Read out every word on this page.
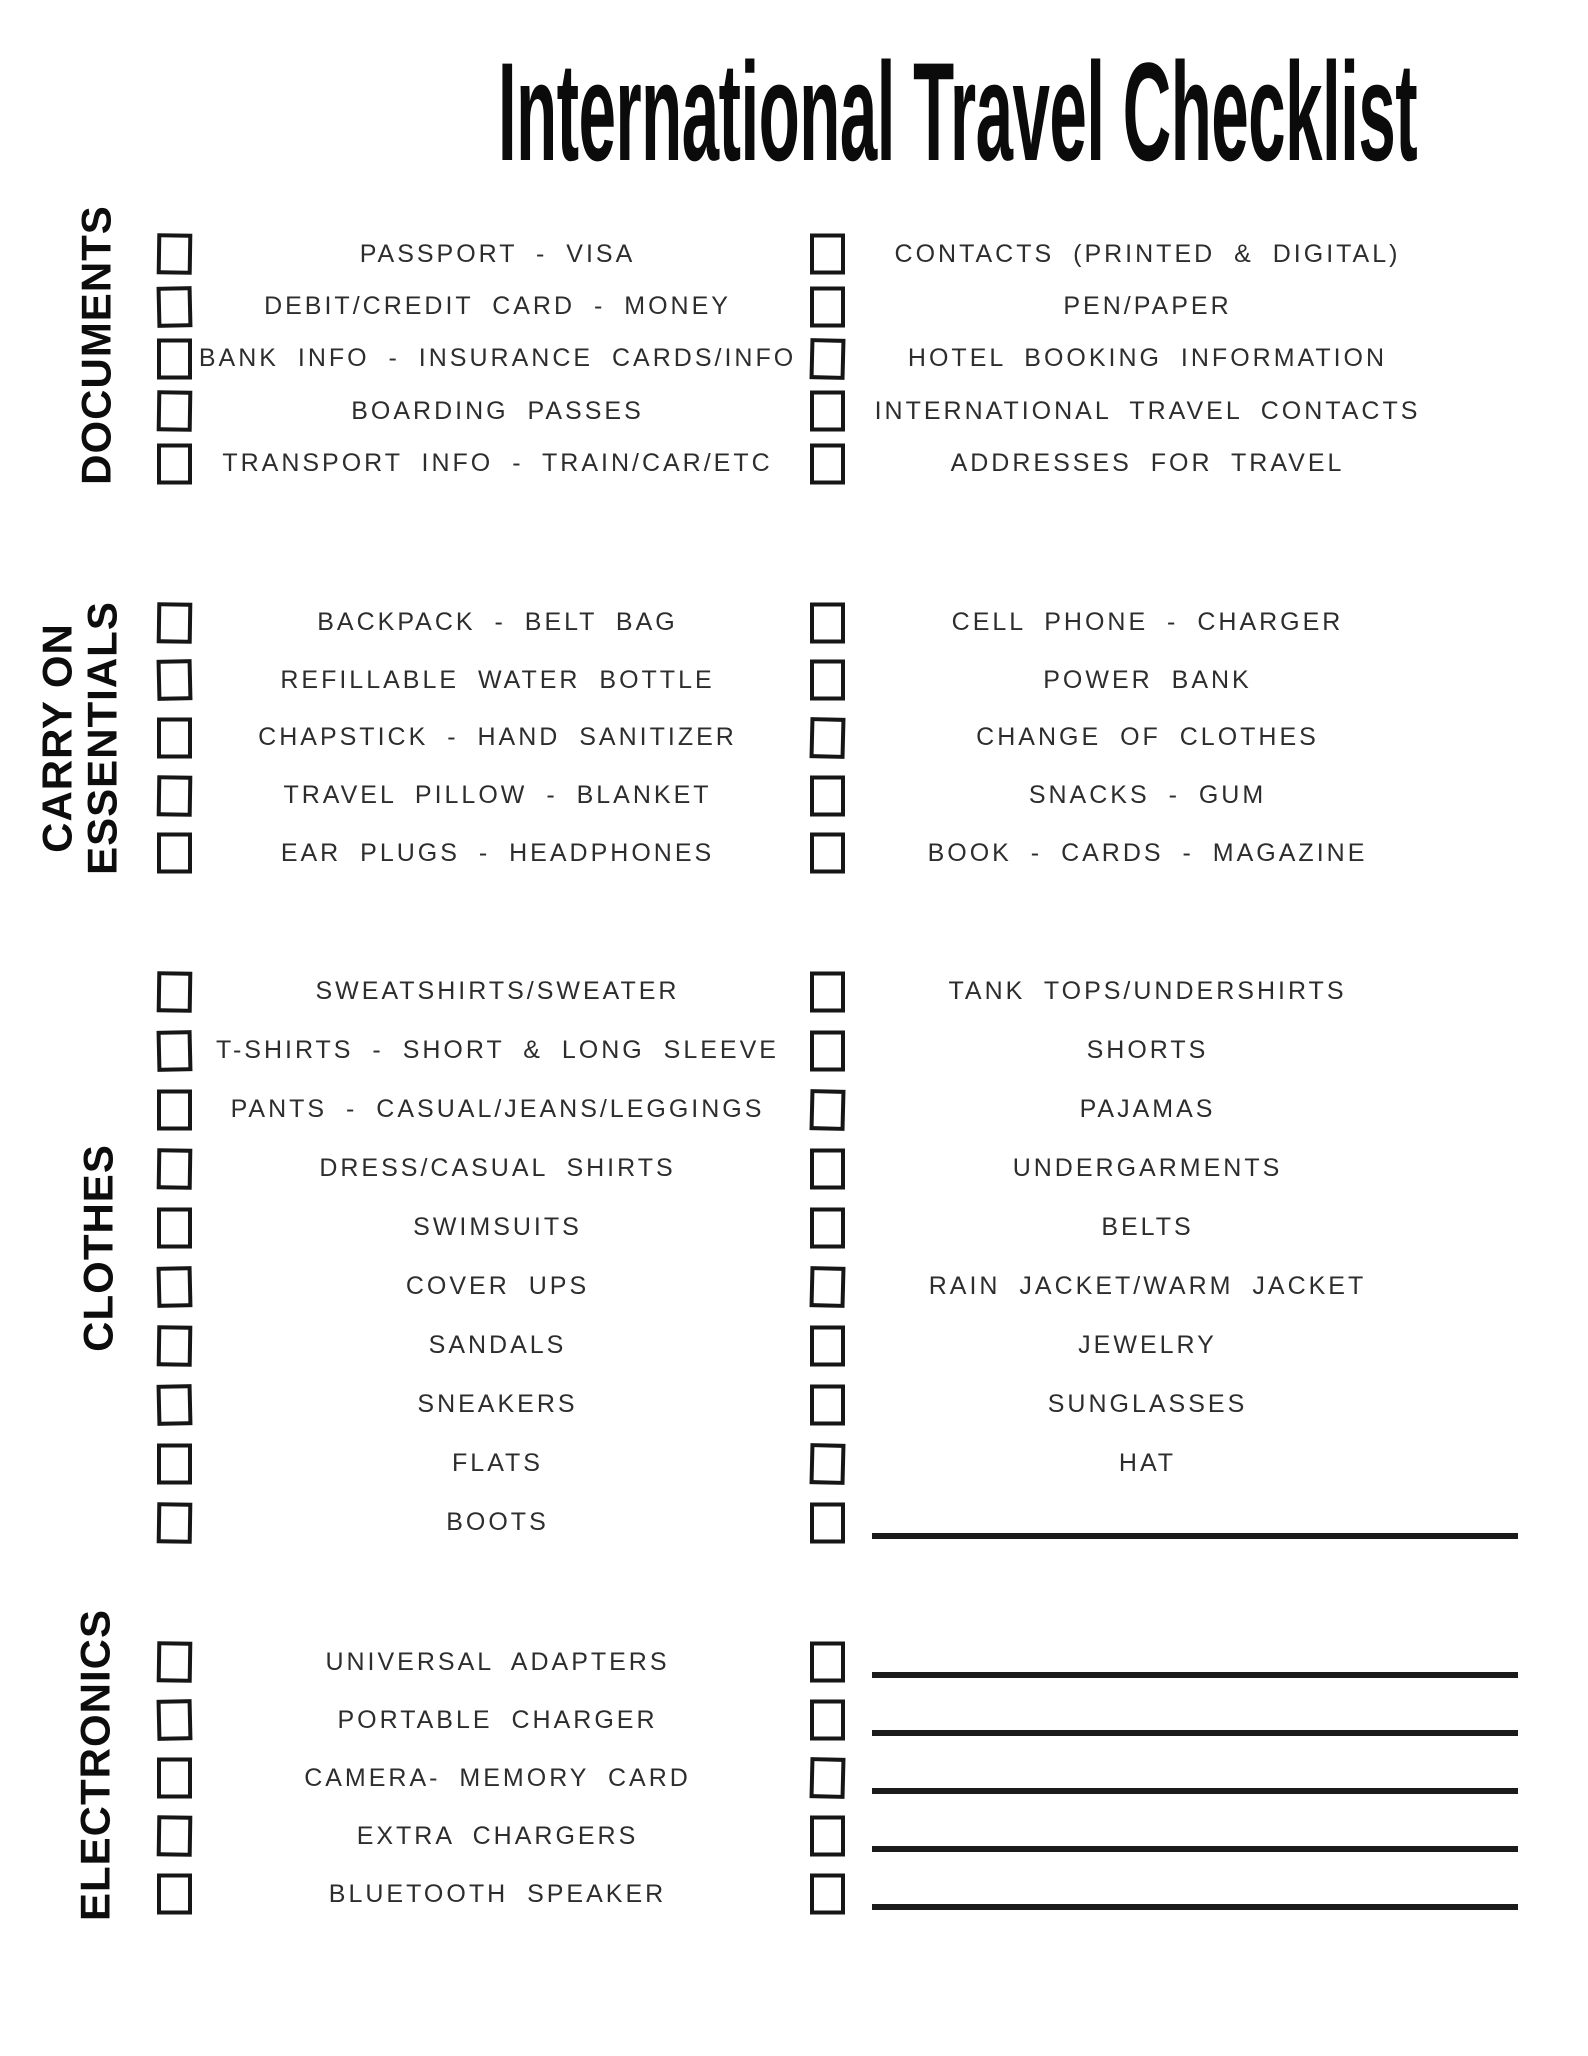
International Travel Checklist
DOCUMENTS
CARRY ON
ESSENTIALS
CLOTHES
ELECTRONICS
PASSPORT - VISA	CONTACTS (PRINTED & DIGITAL)
DEBIT/CREDIT CARD - MONEY	PEN/PAPER
BANK INFO - INSURANCE CARDS/INFO	HOTEL BOOKING INFORMATION
BOARDING PASSES	INTERNATIONAL TRAVEL CONTACTS
TRANSPORT INFO - TRAIN/CAR/ETC	ADDRESSES FOR TRAVEL
BACKPACK - BELT BAG	CELL PHONE - CHARGER
REFILLABLE WATER BOTTLE	POWER BANK
CHAPSTICK - HAND SANITIZER	CHANGE OF CLOTHES
TRAVEL PILLOW - BLANKET	SNACKS - GUM
EAR PLUGS - HEADPHONES	BOOK - CARDS - MAGAZINE
SWEATSHIRTS/SWEATER	TANK TOPS/UNDERSHIRTS
T-SHIRTS - SHORT & LONG SLEEVE	SHORTS
PANTS - CASUAL/JEANS/LEGGINGS	PAJAMAS
DRESS/CASUAL SHIRTS	UNDERGARMENTS
SWIMSUITS	BELTS
COVER UPS	RAIN JACKET/WARM JACKET
SANDALS	JEWELRY
SNEAKERS	SUNGLASSES
FLATS	HAT
BOOTS
UNIVERSAL ADAPTERS
PORTABLE CHARGER
CAMERA- MEMORY CARD
EXTRA CHARGERS
BLUETOOTH SPEAKER
